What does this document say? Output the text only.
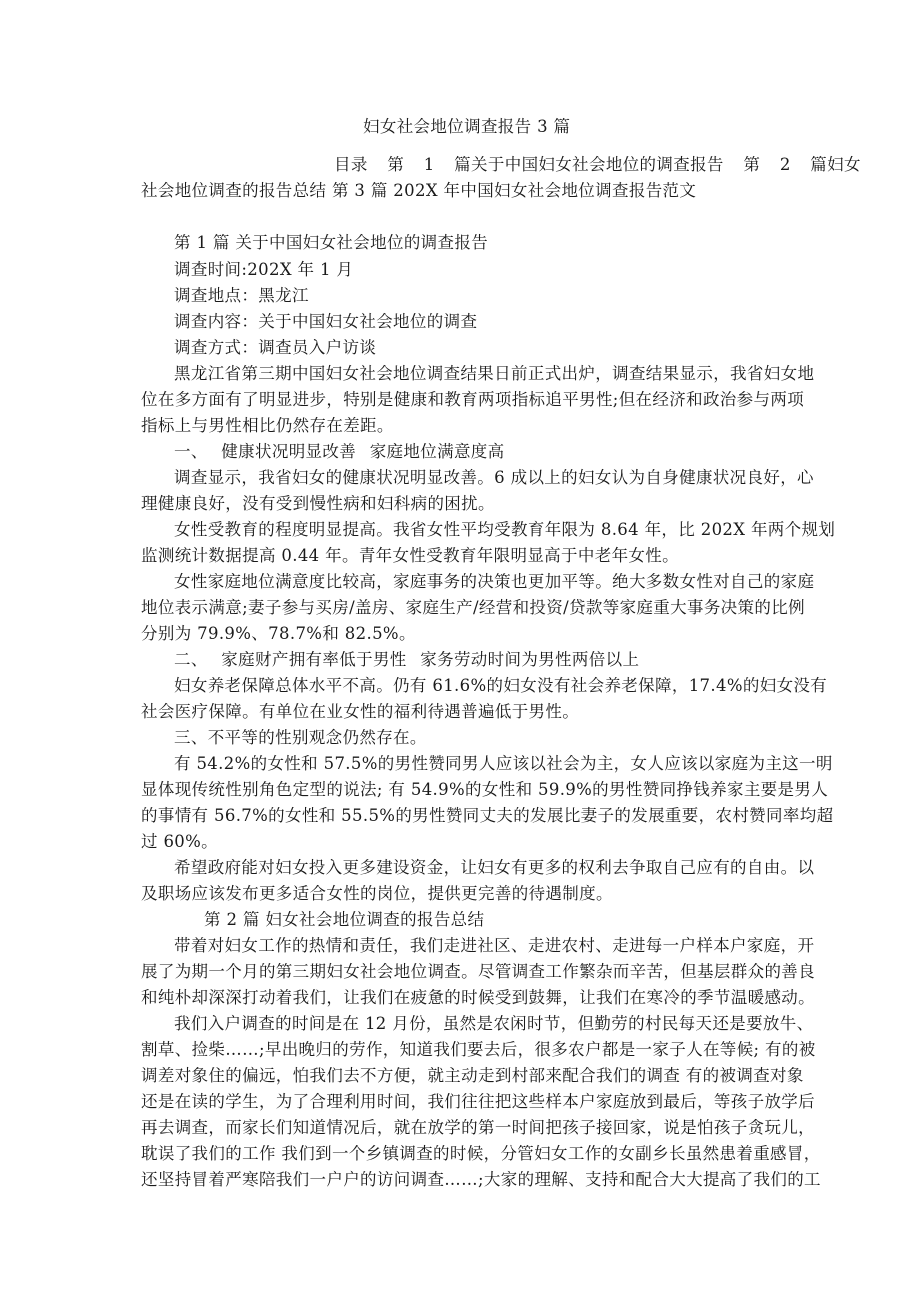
妇女社会地位调查报告 3 篇
目录 第 1 篇关于中国妇女社会地位的调查报告 第 2 篇妇女
社会地位调查的报告总结 第 3 篇 202X 年中国妇女社会地位调查报告范文
第 1 篇 关于中国妇女社会地位的调查报告
调查时间:202X 年 1 月
调查地点：黑龙江
调查内容：关于中国妇女社会地位的调查
调查方式：调查员入户访谈
黑龙江省第三期中国妇女社会地位调查结果日前正式出炉，调查结果显示，我省妇女地
位在多方面有了明显进步，特别是健康和教育两项指标追平男性;但在经济和政治参与两项
指标上与男性相比仍然存在差距。
一、 健康状况明显改善 家庭地位满意度高
调查显示，我省妇女的健康状况明显改善。6 成以上的妇女认为自身健康状况良好，心
理健康良好，没有受到慢性病和妇科病的困扰。
女性受教育的程度明显提高。我省女性平均受教育年限为 8.64 年，比 202X 年两个规划
监测统计数据提高 0.44 年。青年女性受教育年限明显高于中老年女性。
女性家庭地位满意度比较高，家庭事务的决策也更加平等。绝大多数女性对自己的家庭
地位表示满意;妻子参与买房/盖房、家庭生产/经营和投资/贷款等家庭重大事务决策的比例
分别为 79.9%、78.7%和 82.5%。
二、 家庭财产拥有率低于男性 家务劳动时间为男性两倍以上
妇女养老保障总体水平不高。仍有 61.6%的妇女没有社会养老保障，17.4%的妇女没有
社会医疗保障。有单位在业女性的福利待遇普遍低于男性。
三、不平等的性别观念仍然存在。
有 54.2%的女性和 57.5%的男性赞同男人应该以社会为主，女人应该以家庭为主这一明
显体现传统性别角色定型的说法; 有 54.9%的女性和 59.9%的男性赞同挣钱养家主要是男人
的事情有 56.7%的女性和 55.5%的男性赞同丈夫的发展比妻子的发展重要，农村赞同率均超
过 60%。
希望政府能对妇女投入更多建设资金，让妇女有更多的权利去争取自己应有的自由。以
及职场应该发布更多适合女性的岗位，提供更完善的待遇制度。
第 2 篇 妇女社会地位调查的报告总结
带着对妇女工作的热情和责任，我们走进社区、走进农村、走进每一户样本户家庭，开
展了为期一个月的第三期妇女社会地位调查。尽管调查工作繁杂而辛苦，但基层群众的善良
和纯朴却深深打动着我们，让我们在疲惫的时候受到鼓舞，让我们在寒冷的季节温暖感动。
我们入户调查的时间是在 12 月份，虽然是农闲时节，但勤劳的村民每天还是要放牛、
割草、捡柴……;早出晚归的劳作，知道我们要去后，很多农户都是一家子人在等候; 有的被
调差对象住的偏远，怕我们去不方便，就主动走到村部来配合我们的调查 有的被调查对象
还是在读的学生，为了合理利用时间，我们往往把这些样本户家庭放到最后，等孩子放学后
再去调查，而家长们知道情况后，就在放学的第一时间把孩子接回家，说是怕孩子贪玩儿，
耽误了我们的工作 我们到一个乡镇调查的时候，分管妇女工作的女副乡长虽然患着重感冒，
还坚持冒着严寒陪我们一户户的访问调查……;大家的理解、支持和配合大大提高了我们的工
